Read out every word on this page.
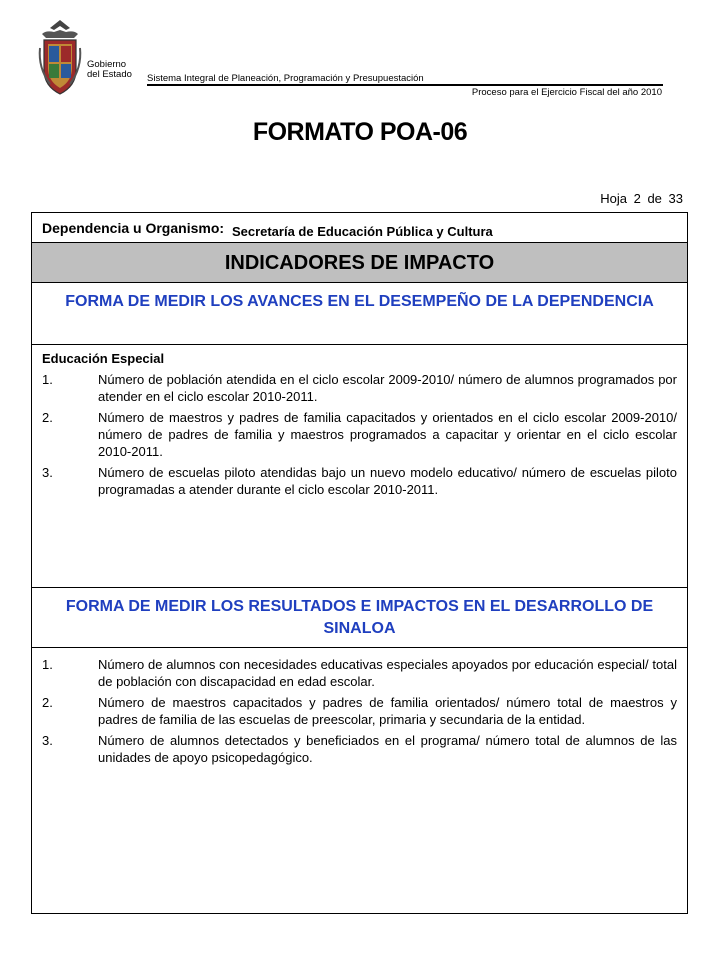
Gobierno
del Estado Sistema Integral de Planeación, Programación y Presupuestación
Proceso para el Ejercicio Fiscal del año 2010
FORMATO POA-06
Hoja 2 de 33
Dependencia u Organismo: Secretaría de Educación Pública y Cultura
INDICADORES DE IMPACTO
FORMA DE MEDIR LOS AVANCES EN EL DESEMPEÑO DE LA DEPENDENCIA
Educación Especial
1.	Número de población atendida en el ciclo escolar 2009-2010/ número de alumnos programados por atender en el ciclo escolar 2010-2011.
2.	Número de maestros y padres de familia capacitados y orientados en el ciclo escolar 2009-2010/ número de padres de familia y maestros programados a capacitar y orientar en el ciclo escolar 2010-2011.
3.	Número de escuelas piloto atendidas bajo un nuevo modelo educativo/ número de escuelas piloto programadas a atender durante el ciclo escolar 2010-2011.
FORMA DE MEDIR LOS RESULTADOS E IMPACTOS EN EL DESARROLLO DE SINALOA
1.	Número de alumnos con necesidades educativas especiales apoyados por educación especial/ total de población con discapacidad en edad escolar.
2.	Número de maestros capacitados y padres de familia orientados/ número total de maestros y padres de familia de las escuelas de preescolar, primaria y secundaria de la entidad.
3.	Número de alumnos detectados y beneficiados en el programa/ número total de alumnos de las unidades de apoyo psicopedagógico.
